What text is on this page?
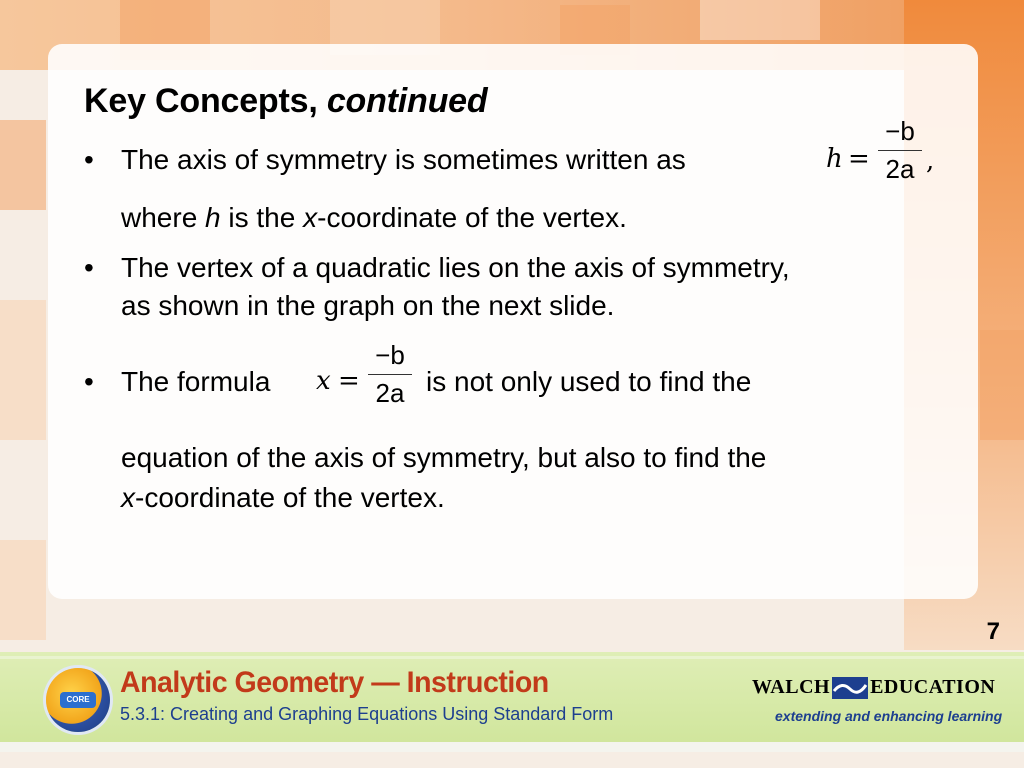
Key Concepts, continued
• The axis of symmetry is sometimes written as	h =
−b
2a ,
where h is the x-coordinate of the vertex.
• The vertex of a quadratic lies on the axis of symmetry,
as shown in the graph on the next slide.
• The formula x =
−b
2a is not only used to find the
equation of the axis of symmetry, but also to find the
x-coordinate of the vertex.
7
CORE
Analytic Geometry — Instruction
5.3.1: Creating and Graphing Equations Using Standard Form
WALCH EDUCATION
extending and enhancing learning
